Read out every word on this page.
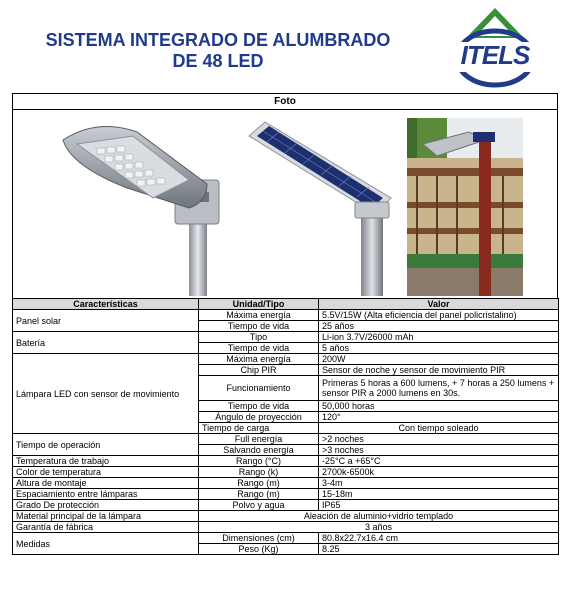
SISTEMA INTEGRADO DE ALUMBRADO
DE 48 LED	ITELS
Foto
Características	Unidad/Tipo	Valor	
Panel solar	Máxima energía	5.5V/15W (Alta eficiencia del panel policristalino)	
	Tiempo de vida	25 años	
Batería	Tipo	Li-ion 3.7V/26000 mAh	
	Tiempo de vida	5 años	
Lámpara LED con sensor de movimiento	Máxima energía	200W	
	Chip PIR	Sensor de noche y sensor de movimiento PIR	
	Funcionamiento	Primeras 5 horas a 600 lumens, + 7 horas a 250 lumens + sensor PIR a 2000 lumens en 30s.	
	Tiempo de vida	50,000 horas	
	Ángulo de proyección	120°	
	Tiempo de carga	Con tiempo soleado	
Tiempo de operación	Full energía	>2 noches	
	Salvando energía	>3 noches	
Temperatura de trabajo	Rango (°C)	-25°C a +65°C	
Color de temperatura	Rango (k)	2700k-6500k	
Altura de montaje	Rango (m)	3-4m	
Espaciamiento entre lámparas	Rango (m)	15-18m	
Grado De protección	Polvo y agua	IP65	
Material principal de la lámpara	Aleación de aluminio+vidrio templado		
Garantía de fábrica	3 años		
Medidas	Dimensiones (cm)	80.8x22.7x16.4 cm	
	Peso (Kg)	8.25	
